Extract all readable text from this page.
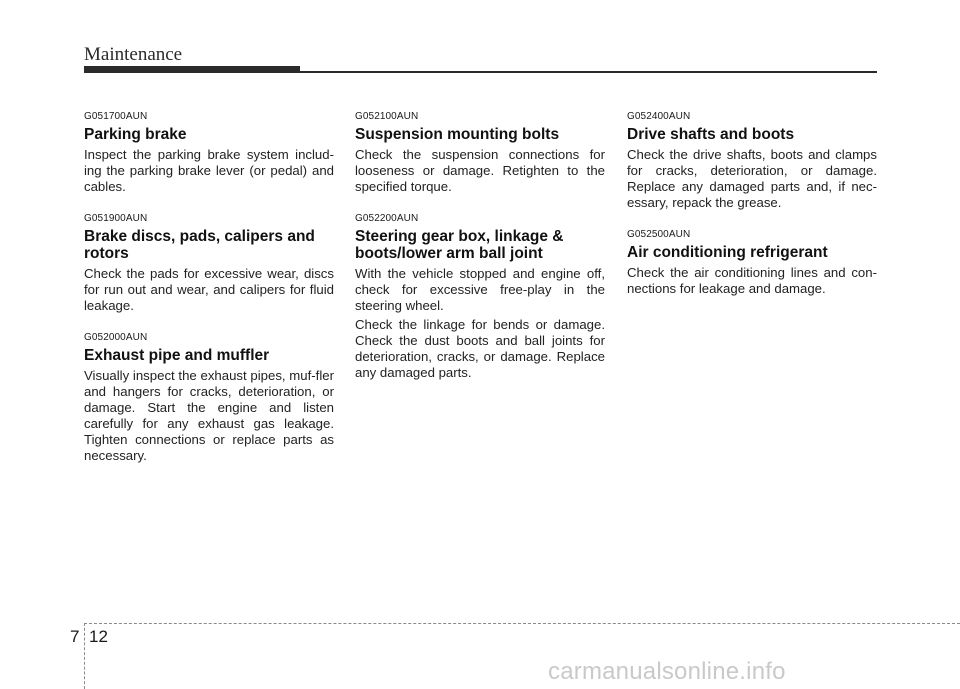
Maintenance
G051700AUN
Parking brake

Inspect the parking brake system includ-ing the parking brake lever (or pedal) and cables.

G051900AUN
Brake discs, pads, calipers and rotors

Check the pads for excessive wear, discs for run out and wear, and calipers for fluid leakage.

G052000AUN
Exhaust pipe and muffler

Visually inspect the exhaust pipes, muf-fler and hangers for cracks, deterioration, or damage. Start the engine and listen carefully for any exhaust gas leakage. Tighten connections or replace parts as necessary.

G052100AUN
Suspension mounting bolts

Check the suspension connections for looseness or damage. Retighten to the specified torque.

G052200AUN
Steering gear box, linkage & boots/lower arm ball joint

With the vehicle stopped and engine off, check for excessive free-play in the steering wheel.

Check the linkage for bends or damage. Check the dust boots and ball joints for deterioration, cracks, or damage. Replace any damaged parts.

G052400AUN
Drive shafts and boots

Check the drive shafts, boots and clamps for cracks, deterioration, or damage. Replace any damaged parts and, if nec-essary, repack the grease.

G052500AUN
Air conditioning refrigerant

Check the air conditioning lines and con-nections for leakage and damage.

7 12
carmanualsonline.info
